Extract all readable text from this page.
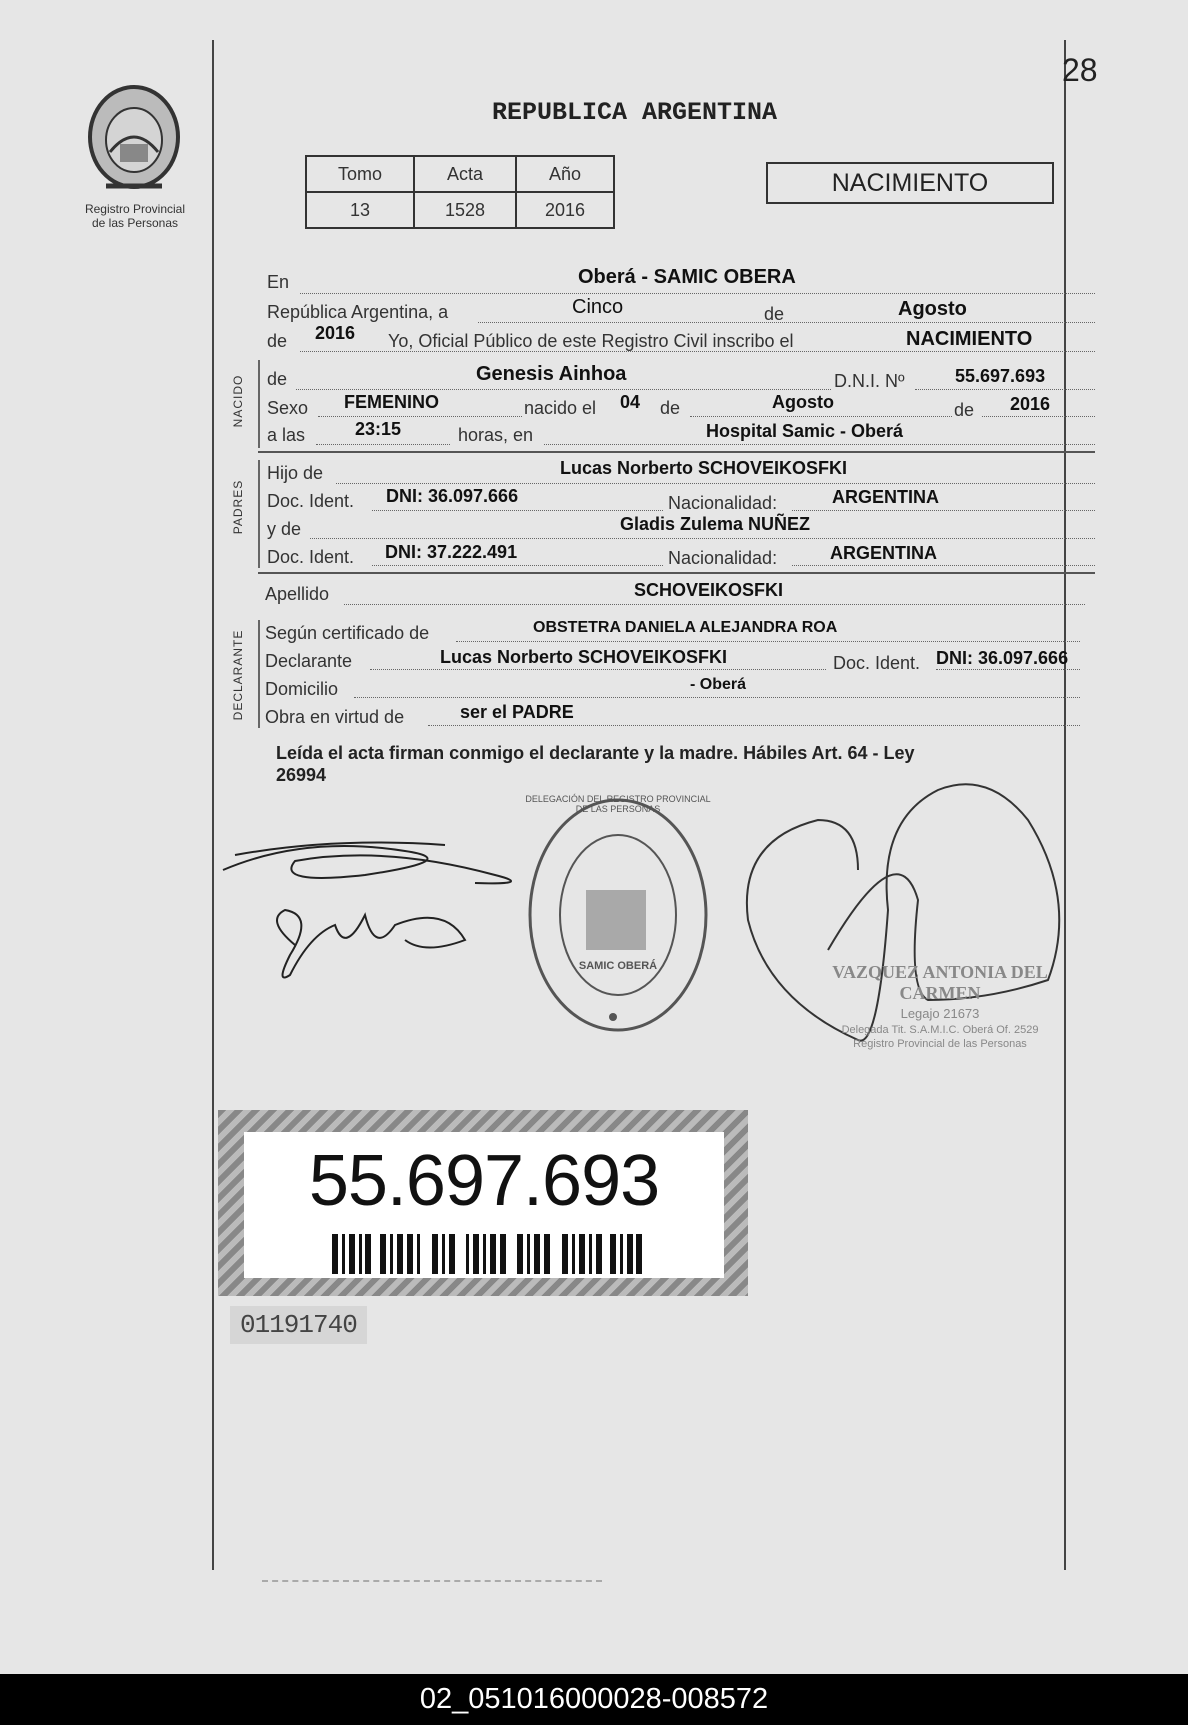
28
Registro Provincial
de las Personas
REPUBLICA ARGENTINA
Tomo	Acta	Año
13	1528	2016
NACIMIENTO
En	Oberá - SAMIC OBERA
República Argentina, a	Cinco	de	Agosto
de 2016 Yo, Oficial Público de este Registro Civil inscribo el	NACIMIENTO
NACIDO de	Genesis Ainhoa	D.N.I. Nº	55.697.693
Sexo FEMENINO	nacido el 04 de	Agosto	de 2016
a las	23:15	horas, en	Hospital Samic - Oberá
PADRES
Hijo de	Lucas Norberto SCHOVEIKOSFKI
Doc. Ident. DNI: 36.097.666	Nacionalidad:	ARGENTINA
y de	Gladis Zulema NUÑEZ
Doc. Ident. DNI: 37.222.491	Nacionalidad:	ARGENTINA
Apellido	SCHOVEIKOSFKI
DECLARANTE Según certificado de	OBSTETRA DANIELA ALEJANDRA ROA
Declarante	Lucas Norberto SCHOVEIKOSFKI	Doc. Ident. DNI: 36.097.666
Domicilio	- Oberá
Obra en virtud de	ser el PADRE
Leída el acta firman conmigo el declarante y la madre. Hábiles Art. 64 - Ley
26994
DELEGACIÓN DEL REGISTRO PROVINCIAL DE LAS PERSONAS
SAMIC OBERÁ	VAZQUEZ ANTONIA DEL CARMEN
Legajo 21673
Delegada Tit. S.A.M.I.C. Oberá Of. 2529
Registro Provincial de las Personas
55.697.693
01191740
02_051016000028-008572
